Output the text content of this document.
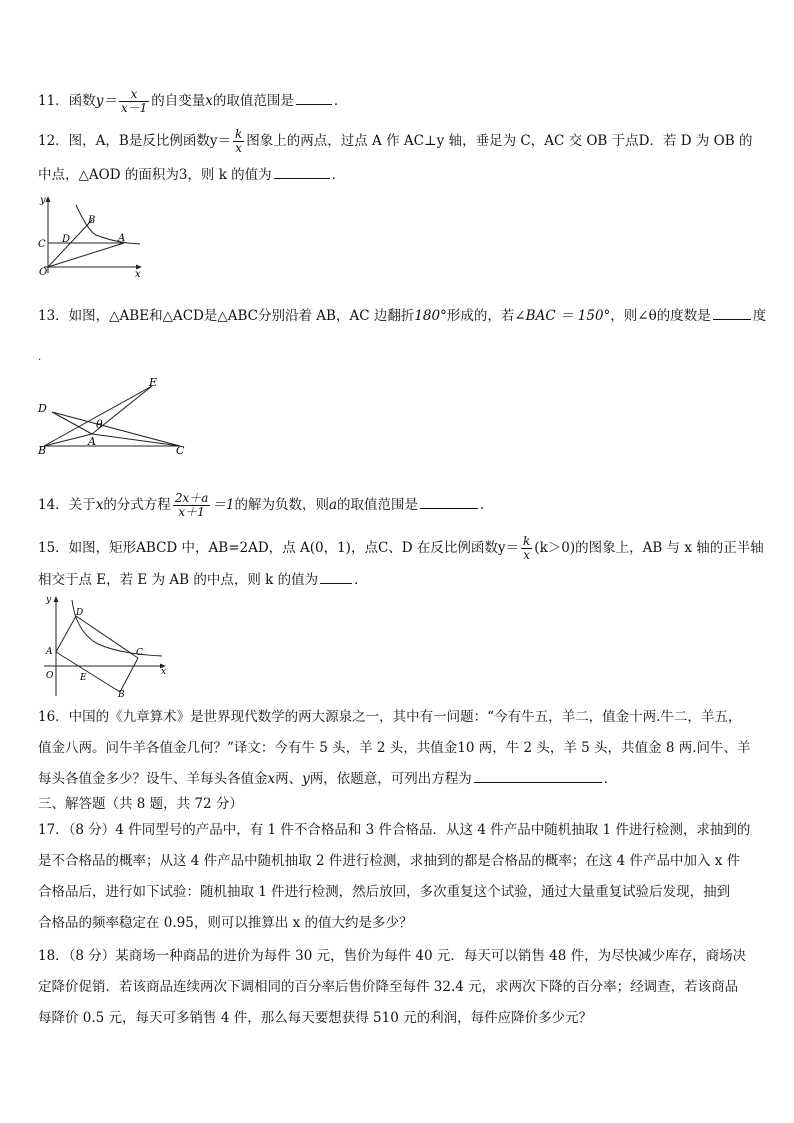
11．函数$y= \frac{x}{x-1}$ 的自变量x的取值范围是	．
12．图，A，B是反比例函数$y= \frac{k}{x}$ 图象上的两点，过点 A 作 AC⊥y 轴，垂足为 C，AC 交 OB 于点D．若 D 为 OB 的
中点，△AOD 的面积为3，则 k 的值为	．
y
x
O
C D	A
B
13．如图，△ABE和△ACD是△ABC分别沿着 AB，AC 边翻折180°形成的，若∠BAC ＝ 150°，则∠θ的度数是	度
.
D
E
A
B	C
θ
14．关于x的分式方程 $\frac{2x+a}{x+1} =1$的解为负数，则a的取值范围是	.
15．如图，矩形ABCD 中，AB=2AD，点 A(0，1)，点C、D 在反比例函数$y= \frac{k}{x} (k>0)$的图象上，AB 与 x 轴的正半轴
相交于点 E，若 E 为 AB 的中点，则 k 的值为	．
y
x
O
A
D
C
E
B
16．中国的《九章算术》是世界现代数学的两大源泉之一，其中有一问题：“今有牛五，羊二，值金十两.牛二，羊五，
值金八两。问牛羊各值金几何？”译文：今有牛 5 头，羊 2 头，共值金10 两，牛 2 头，羊 5 头，共值金 8 两.问牛、羊
每头各值金多少？设牛、羊每头各值金x两、y两，依题意，可列出方程为	．
三、解答题（共 8 题，共 72 分）
17．（8 分）4 件同型号的产品中，有 1 件不合格品和 3 件合格品．从这 4 件产品中随机抽取 1 件进行检测，求抽到的
是不合格品的概率；从这 4 件产品中随机抽取 2 件进行检测，求抽到的都是合格品的概率；在这 4 件产品中加入 x 件
合格品后，进行如下试验：随机抽取 1 件进行检测，然后放回，多次重复这个试验，通过大量重复试验后发现，抽到
合格品的频率稳定在 0.95，则可以推算出 x 的值大约是多少？
18．（8 分）某商场一种商品的进价为每件 30 元，售价为每件 40 元．每天可以销售 48 件，为尽快减少库存，商场决
定降价促销．若该商品连续两次下调相同的百分率后售价降至每件 32.4 元，求两次下降的百分率；经调查，若该商品
每降价 0.5 元，每天可多销售 4 件，那么每天要想获得 510 元的利润，每件应降价多少元？
